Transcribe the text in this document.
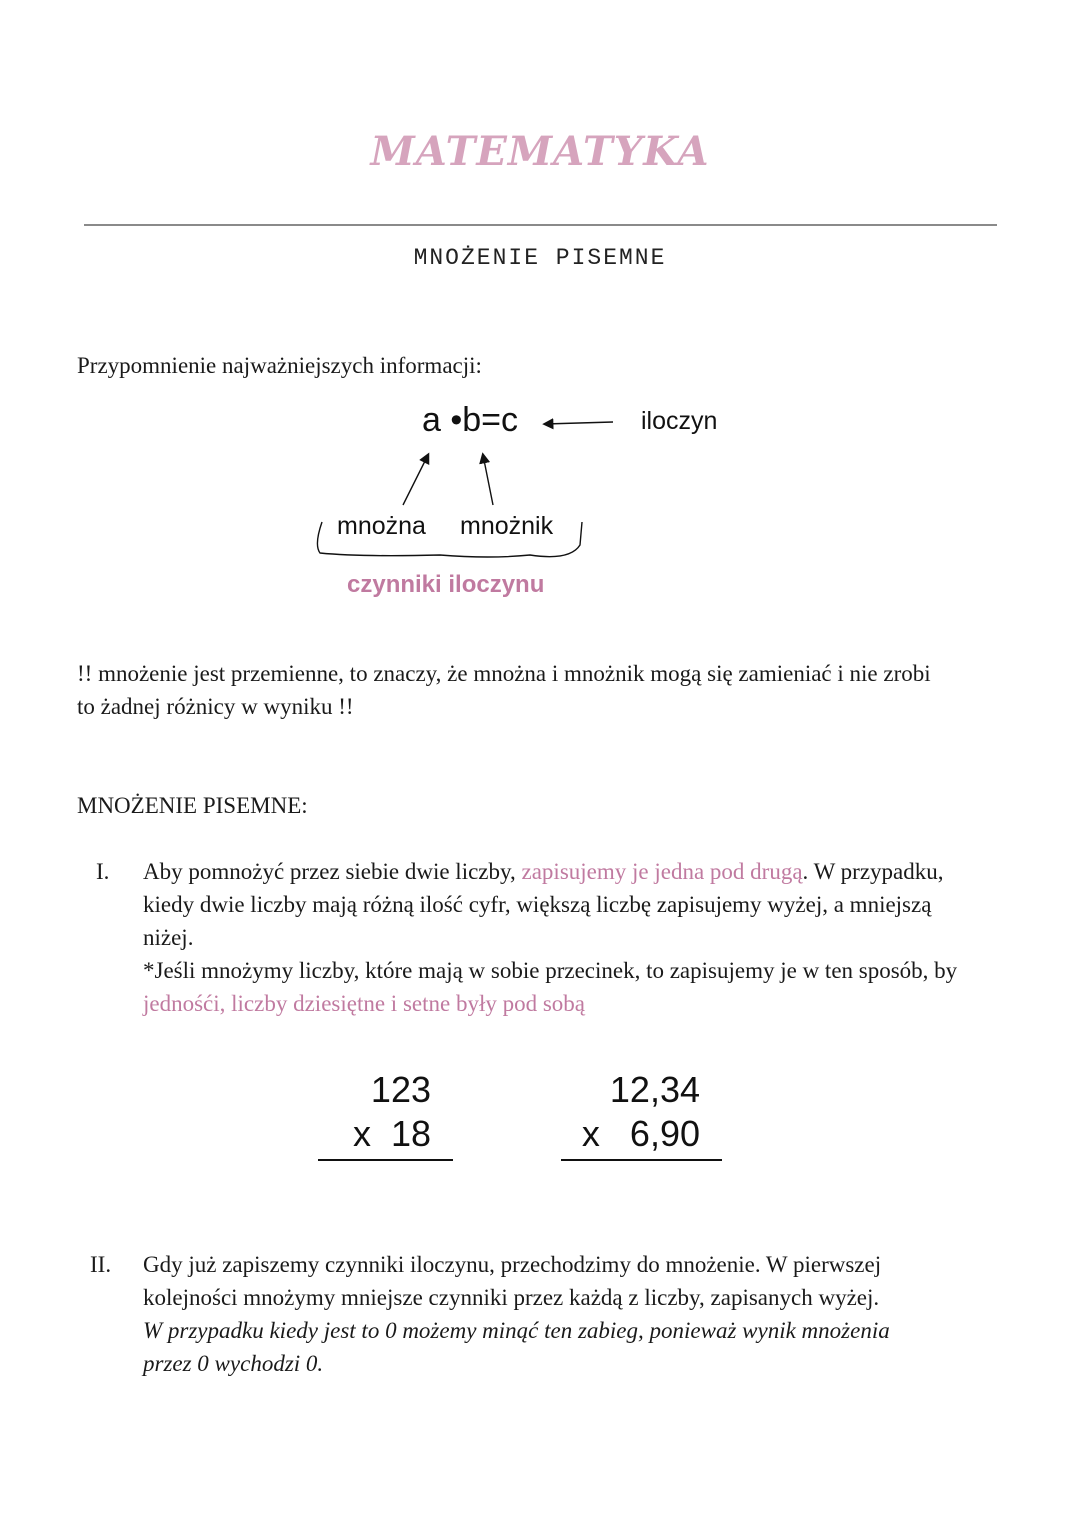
MATEMATYKA
MNOŻENIE PISEMNE
Przypomnienie najważniejszych informacji:
a •b=c	iloczyn
mnożna mnożnik
czynniki iloczynu
!! mnożenie jest przemienne, to znaczy, że mnożna i mnożnik mogą się zamieniać i nie zrobi
to żadnej różnicy w wyniku !!
MNOŻENIE PISEMNE:
I. Aby pomnożyć przez siebie dwie liczby, zapisujemy je jedna pod drugą. W przypadku,
kiedy dwie liczby mają różną ilość cyfr, większą liczbę zapisujemy wyżej, a mniejszą
niżej.
*Jeśli mnożymy liczby, które mają w sobie przecinek, to zapisujemy je w ten sposób, by
jednośći, liczby dziesiętne i setne były pod sobą
123
x 18
12,34
x 6,90
II. Gdy już zapiszemy czynniki iloczynu, przechodzimy do mnożenie. W pierwszej
kolejności mnożymy mniejsze czynniki przez każdą z liczby, zapisanych wyżej.
W przypadku kiedy jest to 0 możemy minąć ten zabieg, ponieważ wynik mnożenia
przez 0 wychodzi 0.
